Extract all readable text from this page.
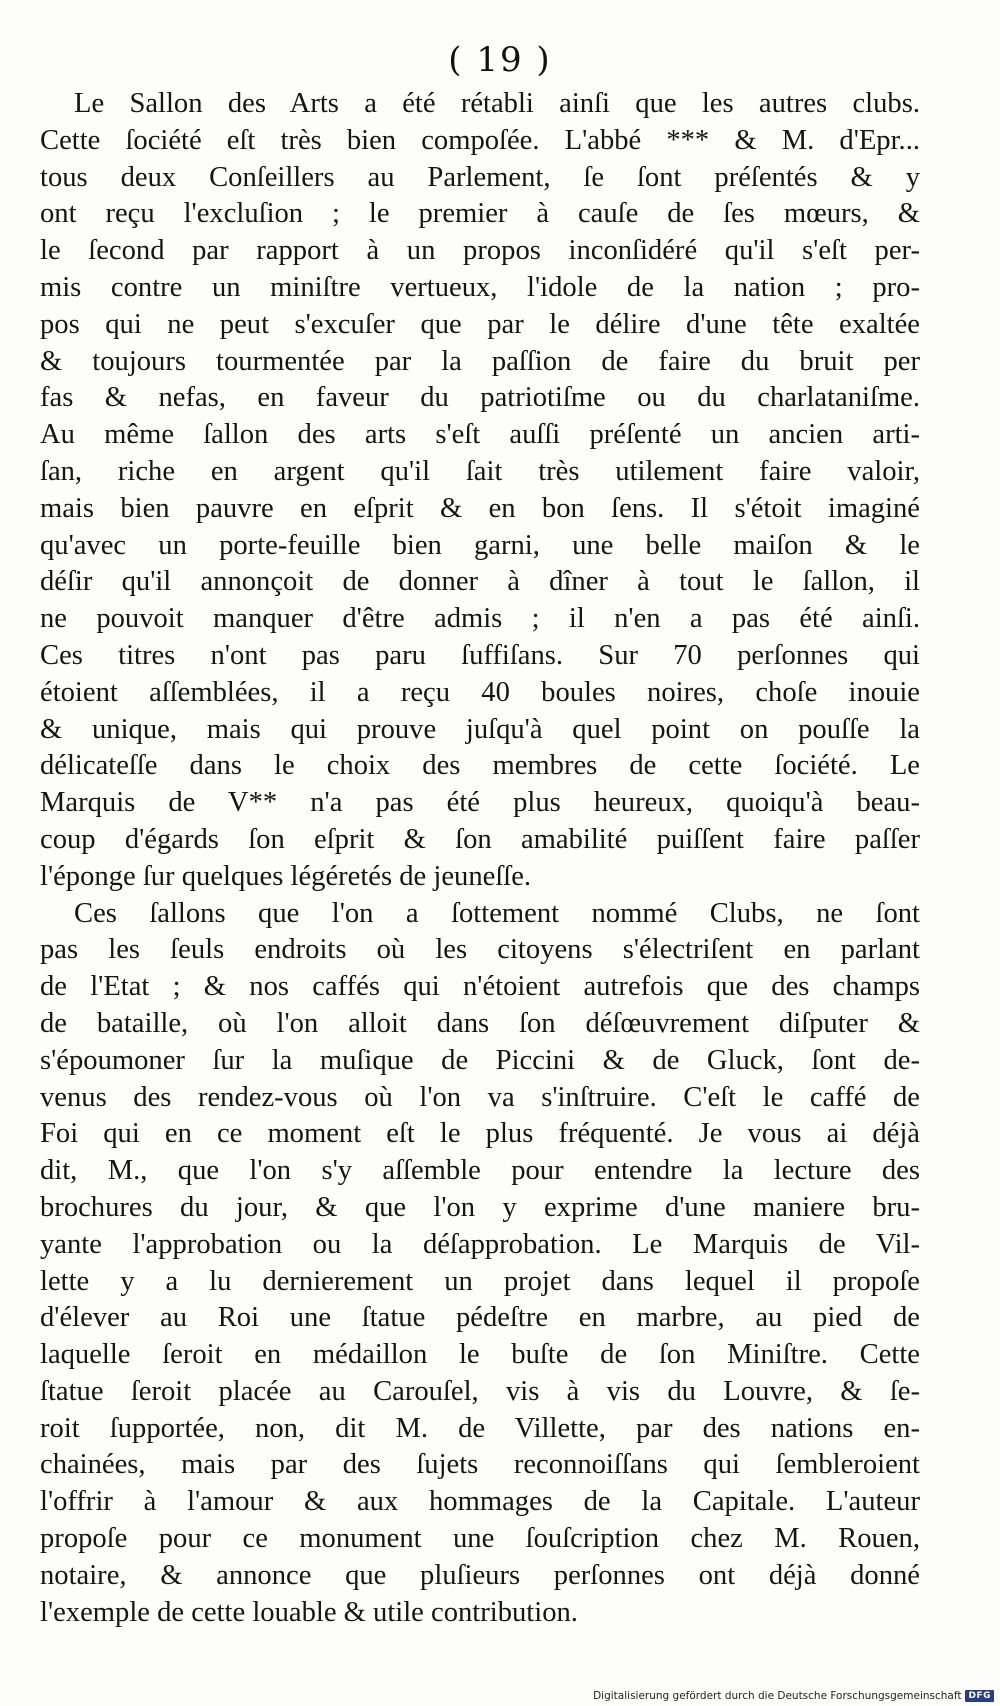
( 19 )
Le Sallon des Arts a été rétabli ainſi que les autres clubs.
Cette ſociété eſt très bien compoſée. L'abbé *** & M. d'Epr...
tous deux Conſeillers au Parlement, ſe ſont préſentés & y
ont reçu l'excluſion ; le premier à cauſe de ſes mœurs, &
le ſecond par rapport à un propos inconſidéré qu'il s'eſt per-
mis contre un miniſtre vertueux, l'idole de la nation ; pro-
pos qui ne peut s'excuſer que par le délire d'une tête exaltée
& toujours tourmentée par la paſſion de faire du bruit per
fas & nefas, en faveur du patriotiſme ou du charlataniſme.
Au même ſallon des arts s'eſt auſſi préſenté un ancien arti-
ſan, riche en argent qu'il ſait très utilement faire valoir,
mais bien pauvre en eſprit & en bon ſens. Il s'étoit imaginé
qu'avec un porte-feuille bien garni, une belle maiſon & le
déſir qu'il annonçoit de donner à dîner à tout le ſallon, il
ne pouvoit manquer d'être admis ; il n'en a pas été ainſi.
Ces titres n'ont pas paru ſuffiſans. Sur 70 perſonnes qui
étoient aſſemblées, il a reçu 40 boules noires, choſe inouie
& unique, mais qui prouve juſqu'à quel point on pouſſe la
délicateſſe dans le choix des membres de cette ſociété. Le
Marquis de V** n'a pas été plus heureux, quoiqu'à beau-
coup d'égards ſon eſprit & ſon amabilité puiſſent faire paſſer
l'éponge ſur quelques légéretés de jeuneſſe.
Ces ſallons que l'on a ſottement nommé Clubs, ne ſont
pas les ſeuls endroits où les citoyens s'électriſent en parlant
de l'Etat ; & nos caffés qui n'étoient autrefois que des champs
de bataille, où l'on alloit dans ſon déſœuvrement diſputer &
s'époumoner ſur la muſique de Piccini & de Gluck, ſont de-
venus des rendez-vous où l'on va s'inſtruire. C'eſt le caffé de
Foi qui en ce moment eſt le plus fréquenté. Je vous ai déjà
dit, M., que l'on s'y aſſemble pour entendre la lecture des
brochures du jour, & que l'on y exprime d'une maniere bru-
yante l'approbation ou la déſapprobation. Le Marquis de Vil-
lette y a lu dernierement un projet dans lequel il propoſe
d'élever au Roi une ſtatue pédeſtre en marbre, au pied de
laquelle ſeroit en médaillon le buſte de ſon Miniſtre. Cette
ſtatue ſeroit placée au Carouſel, vis à vis du Louvre, & ſe-
roit ſupportée, non, dit M. de Villette, par des nations en-
chainées, mais par des ſujets reconnoiſſans qui ſembleroient
l'offrir à l'amour & aux hommages de la Capitale. L'auteur
propoſe pour ce monument une ſouſcription chez M. Rouen,
notaire, & annonce que pluſieurs perſonnes ont déjà donné
l'exemple de cette louable & utile contribution.
Digitalisierung gefördert durch die Deutsche Forschungsgemeinschaft DFG
